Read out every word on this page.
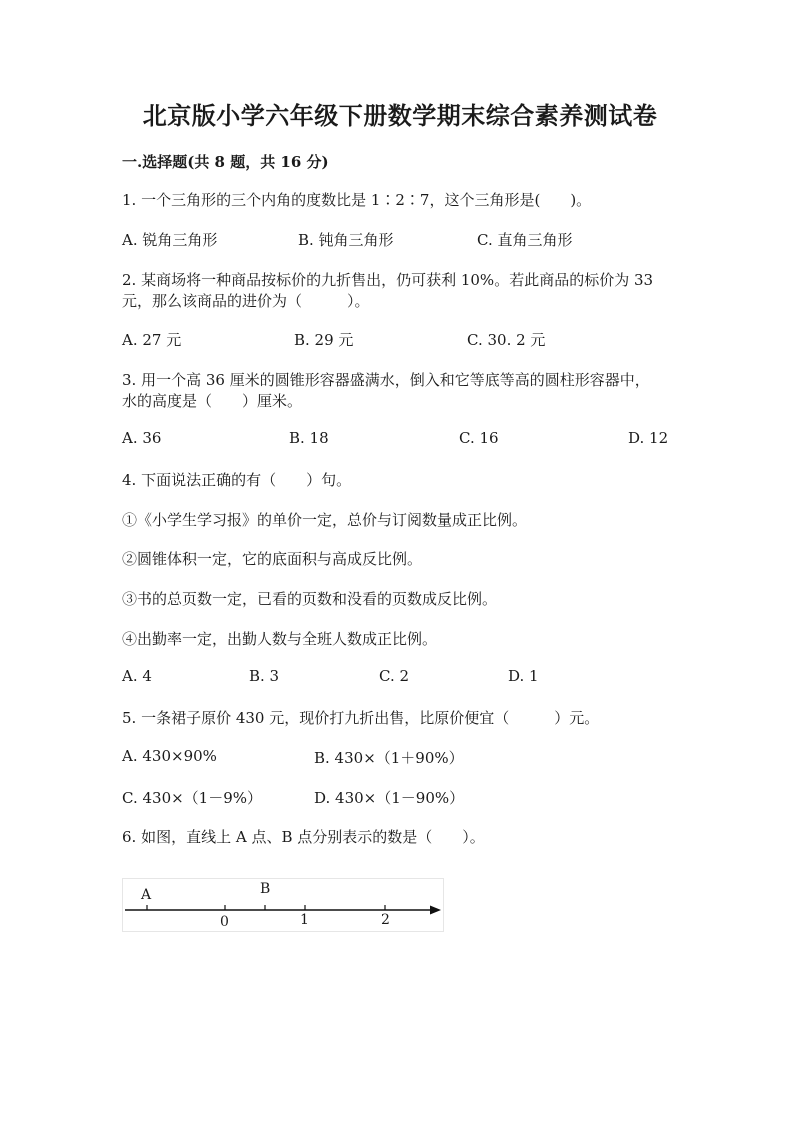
北京版小学六年级下册数学期末综合素养测试卷
一.选择题(共 8 题，共 16 分)
1. 一个三角形的三个内角的度数比是 1∶2∶7，这个三角形是(　　)。
A. 锐角三角形	B. 钝角三角形	C. 直角三角形
2. 某商场将一种商品按标价的九折售出，仍可获利 10%。若此商品的标价为 33
元，那么该商品的进价为（　　　）。
A. 27 元	B. 29 元	C. 30. 2 元
3. 用一个高 36 厘米的圆锥形容器盛满水，倒入和它等底等高的圆柱形容器中，
水的高度是（　　）厘米。
A. 36	B. 18	C. 16	D. 12
4. 下面说法正确的有（　　）句。
①《小学生学习报》的单价一定，总价与订阅数量成正比例。
②圆锥体积一定，它的底面积与高成反比例。
③书的总页数一定，已看的页数和没看的页数成反比例。
④出勤率一定，出勤人数与全班人数成正比例。
A. 4	B. 3	C. 2	D. 1
5. 一条裙子原价 430 元，现价打九折出售，比原价便宜（　　　）元。
A. 430×90%	B. 430×（1＋90%）
C. 430×（1－9%）	D. 430×（1－90%）
6. 如图，直线上 A 点、B 点分别表示的数是（　　）。
A	B
0	1	2
